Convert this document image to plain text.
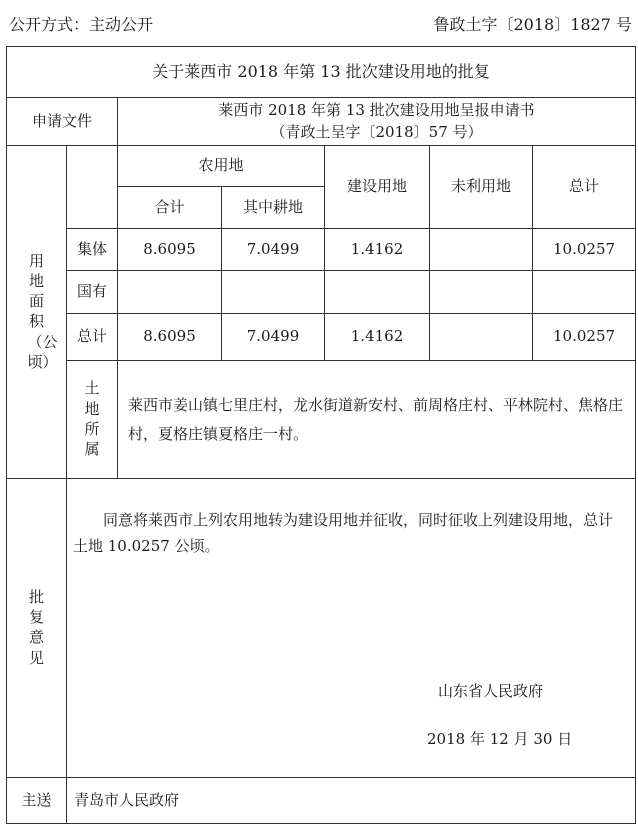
公开方式：主动公开	鲁政土字〔2018〕1827 号
关于莱西市 2018 年第 13 批次建设用地的批复						
申请文件		莱西市 2018 年第 13 批次建设用地呈报申请书
（青政土呈字〔2018〕57 号）				

用地面积（公顷）		农用地		建设用地	未利用地	总计
		合计	其中耕地			
	集体	8.6095	7.0499	1.4162		10.0257
	国有					
	总计	8.6095	7.0499	1.4162		10.0257
	土地所属	莱西市姜山镇七里庄村，龙水街道新安村、前周格庄村、平林院村、焦格庄村，夏格庄镇夏格庄一村。				
批复意见	同意将莱西市上列农用地转为建设用地并征收，同时征收上列建设用地，总计土地 10.0257 公顷。
山东省人民政府
2018 年 12 月 30 日					

主送	青岛市人民政府					
